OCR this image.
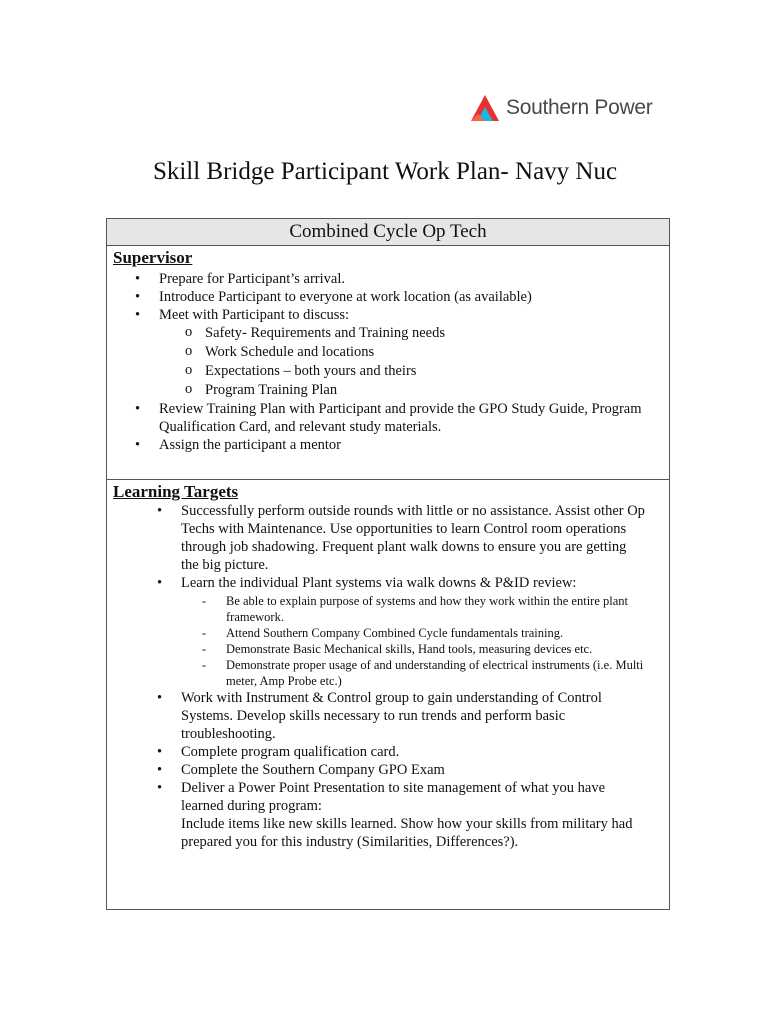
Southern Power
Skill Bridge Participant Work Plan- Navy Nuc
Combined Cycle Op Tech
Supervisor
• Prepare for Participant’s arrival.
• Introduce Participant to everyone at work location (as available)
• Meet with Participant to discuss:
o Safety- Requirements and Training needs
o Work Schedule and locations
o Expectations – both yours and theirs
o Program Training Plan
• Review Training Plan with Participant and provide the GPO Study Guide, Program Qualification Card, and relevant study materials.
• Assign the participant a mentor
Learning Targets
• Successfully perform outside rounds with little or no assistance. Assist other Op Techs with Maintenance. Use opportunities to learn Control room operations through job shadowing. Frequent plant walk downs to ensure you are getting the big picture.
• Learn the individual Plant systems via walk downs & P&ID review:
- Be able to explain purpose of systems and how they work within the entire plant framework.
- Attend Southern Company Combined Cycle fundamentals training.
- Demonstrate Basic Mechanical skills, Hand tools, measuring devices etc.
- Demonstrate proper usage of and understanding of electrical instruments (i.e. Multi meter, Amp Probe etc.)
• Work with Instrument & Control group to gain understanding of Control Systems. Develop skills necessary to run trends and perform basic troubleshooting.
• Complete program qualification card.
• Complete the Southern Company GPO Exam
• Deliver a Power Point Presentation to site management of what you have learned during program:
Include items like new skills learned. Show how your skills from military had prepared you for this industry (Similarities, Differences?).
